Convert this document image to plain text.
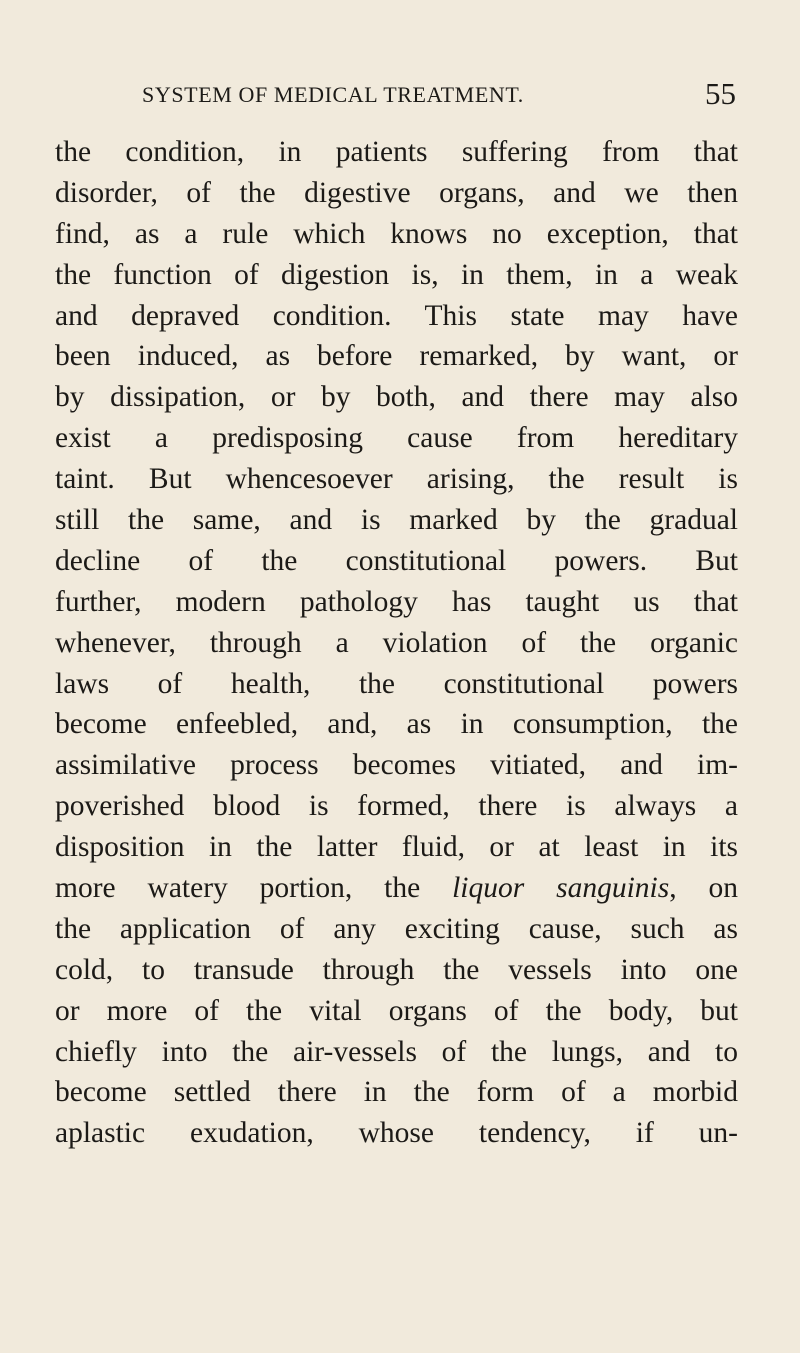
SYSTEM OF MEDICAL TREATMENT.	55
the condition, in patients suffering from that
disorder, of the digestive organs, and we then
find, as a rule which knows no exception, that
the function of digestion is, in them, in a weak
and depraved condition. This state may have
been induced, as before remarked, by want, or
by dissipation, or by both, and there may also
exist a predisposing cause from hereditary
taint. But whencesoever arising, the result is
still the same, and is marked by the gradual
decline of the constitutional powers. But
further, modern pathology has taught us that
whenever, through a violation of the organic
laws of health, the constitutional powers
become enfeebled, and, as in consumption, the
assimilative process becomes vitiated, and im-
poverished blood is formed, there is always a
disposition in the latter fluid, or at least in its
more watery portion, the liquor sanguinis, on
the application of any exciting cause, such as
cold, to transude through the vessels into one
or more of the vital organs of the body, but
chiefly into the air-vessels of the lungs, and to
become settled there in the form of a morbid
aplastic exudation, whose tendency, if un-
